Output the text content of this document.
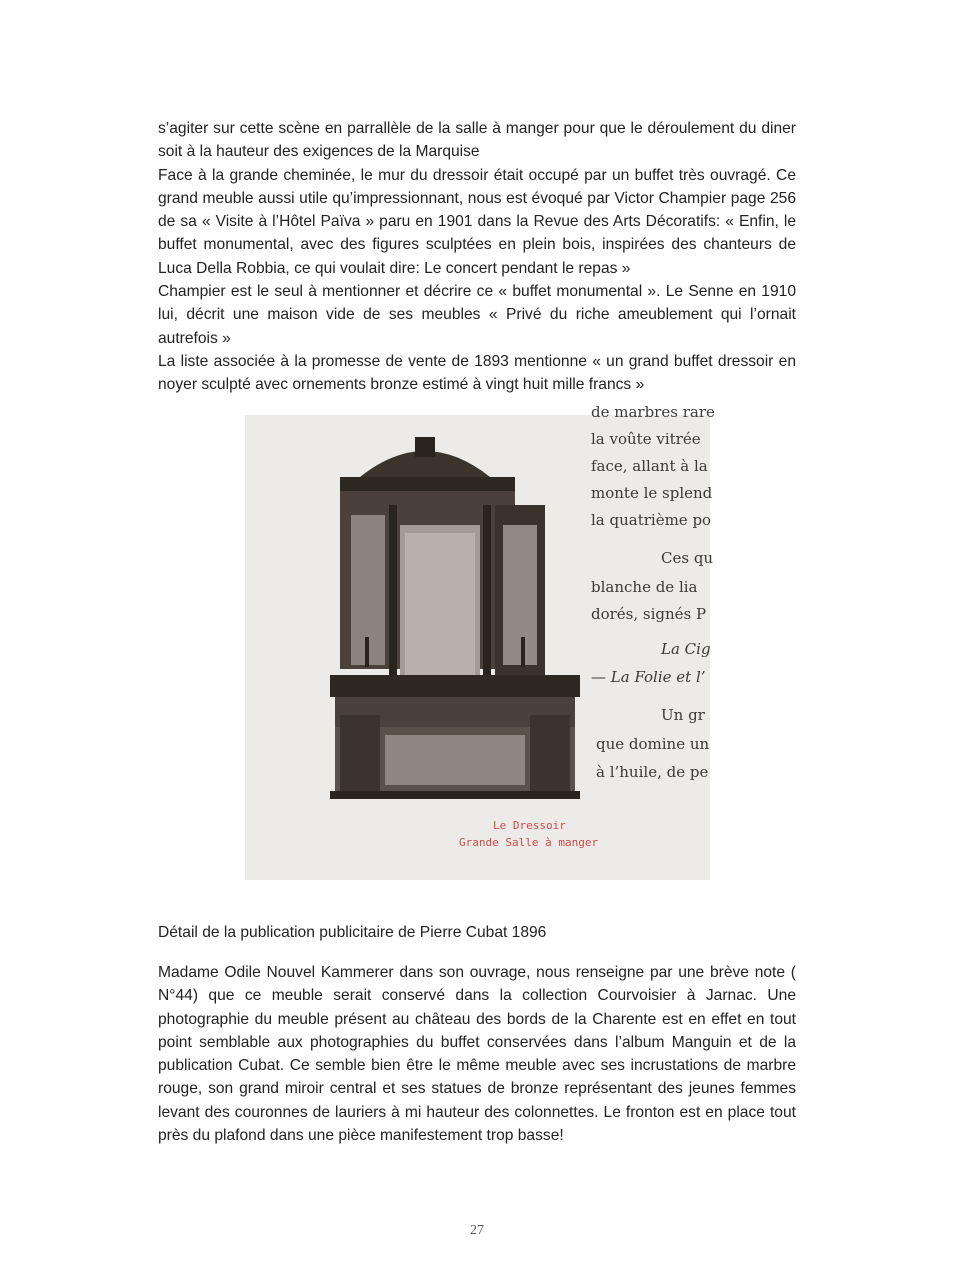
s’agiter sur cette scène en parrallèle de la salle à manger pour que le déroulement du diner soit à la hauteur des exigences de la Marquise

Face à la grande cheminée, le mur du dressoir était occupé par un buffet très ouvragé. Ce grand meuble aussi utile qu’impressionnant, nous est évoqué par Victor Champier page 256 de sa « Visite à l’Hôtel Païva » paru en 1901 dans la Revue des Arts Décoratifs: « Enfin, le buffet monumental, avec des figures sculptées en plein bois, inspirées des chanteurs de Luca Della Robbia, ce qui voulait dire: Le concert pendant le repas »

Champier est le seul à mentionner et décrire ce « buffet monumental ». Le Senne en 1910 lui, décrit une maison vide de ses meubles « Privé du riche ameublement qui l’ornait autrefois »

La liste associée à la promesse de vente de 1893 mentionne « un grand buffet dressoir en noyer sculpté avec ornements bronze estimé à vingt huit mille francs »

de marbres rare
la voûte vitrée
face, allant à la
monte le splend
la quatrième po
Ces qu
blanche de lia
dorés, signés P
La Cig
— La Folie et l’
Un gr
que domine un
à l’huile, de pe
Le Dressoir
Grande Salle à manger
Détail de la publication publicitaire de Pierre Cubat 1896

Madame Odile Nouvel Kammerer dans son ouvrage, nous renseigne par une brève note ( N°44) que ce meuble serait conservé dans la collection Courvoisier à Jarnac. Une photographie du meuble présent au château des bords de la Charente est en effet en tout point semblable aux photographies du buffet conservées dans l’album Manguin et de la publication Cubat. Ce semble bien être le même meuble avec ses incrustations de marbre rouge, son grand miroir central et ses statues de bronze représentant des jeunes femmes levant des couronnes de lauriers à mi hauteur des colonnettes. Le fronton est en place tout près du plafond dans une pièce manifestement trop basse!

27
